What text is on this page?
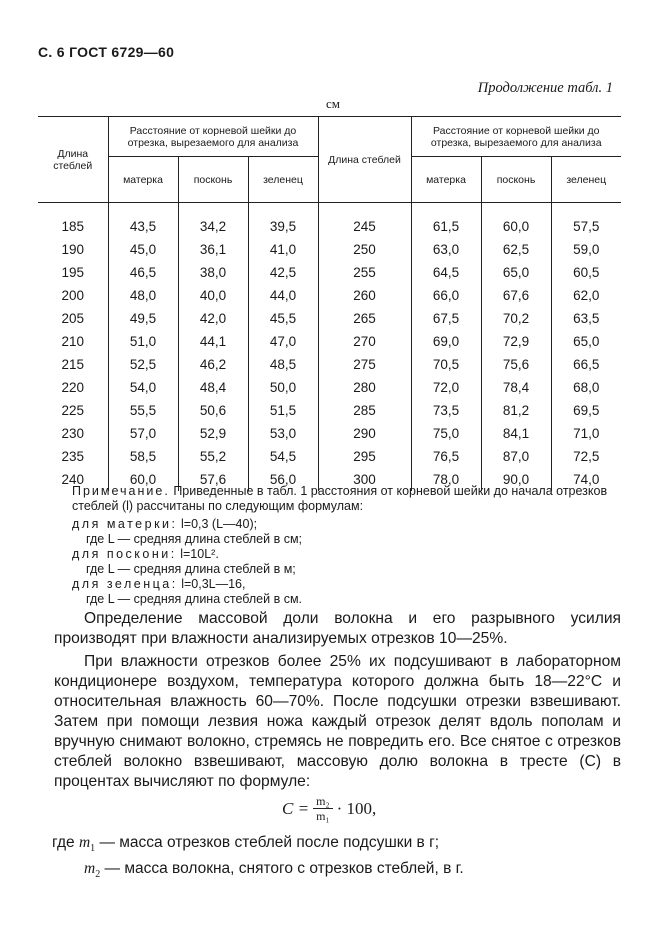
С. 6 ГОСТ 6729—60
Продолжение табл. 1
см
Длина стеблей	Расстояние от корневой шейки до отрезка, вырезаемого для анализа			Длина стеблей	Расстояние от корневой шейки до отрезка, вырезаемого для анализа		
	матерка	посконь	зеленец		матерка	посконь	зеленец
185	43,5	34,2	39,5	245	61,5	60,0	57,5
190	45,0	36,1	41,0	250	63,0	62,5	59,0
195	46,5	38,0	42,5	255	64,5	65,0	60,5
200	48,0	40,0	44,0	260	66,0	67,6	62,0
205	49,5	42,0	45,5	265	67,5	70,2	63,5
210	51,0	44,1	47,0	270	69,0	72,9	65,0
215	52,5	46,2	48,5	275	70,5	75,6	66,5
220	54,0	48,4	50,0	280	72,0	78,4	68,0
225	55,5	50,6	51,5	285	73,5	81,2	69,5
230	57,0	52,9	53,0	290	75,0	84,1	71,0
235	58,5	55,2	54,5	295	76,5	87,0	72,5
240	60,0	57,6	56,0	300	78,0	90,0	74,0
Примечание. Приведенные в табл. 1 расстояния от корневой шейки до начала отрезков стеблей (l) рассчитаны по следующим формулам:
для матерки: l=0,3 (L—40);
где L — средняя длина стеблей в см;
для поскони: l=10L².
где L — средняя длина стеблей в м;
для зеленца: l=0,3L—16,
где L — средняя длина стеблей в см.
Определение массовой доли волокна и его разрывного усилия производят при влажности анализируемых отрезков 10—25%.
При влажности отрезков более 25% их подсушивают в лабораторном кондиционере воздухом, температура которого должна быть 18—22°С и относительная влажность 60—70%. После подсушки отрезки взвешивают. Затем при помощи лезвия ножа каждый отрезок делят вдоль пополам и вручную снимают волокно, стремясь не повредить его. Все снятое с отрезков стеблей волокно взвешивают, массовую долю волокна в тресте (С) в процентах вычисляют по формуле:
$С = \frac{\text{m₂}}{\text{m₁}} \cdot 100$,
где $m_1$ — масса отрезков стеблей после подсушки в г;
$m_2$ — масса волокна, снятого с отрезков стеблей, в г.
